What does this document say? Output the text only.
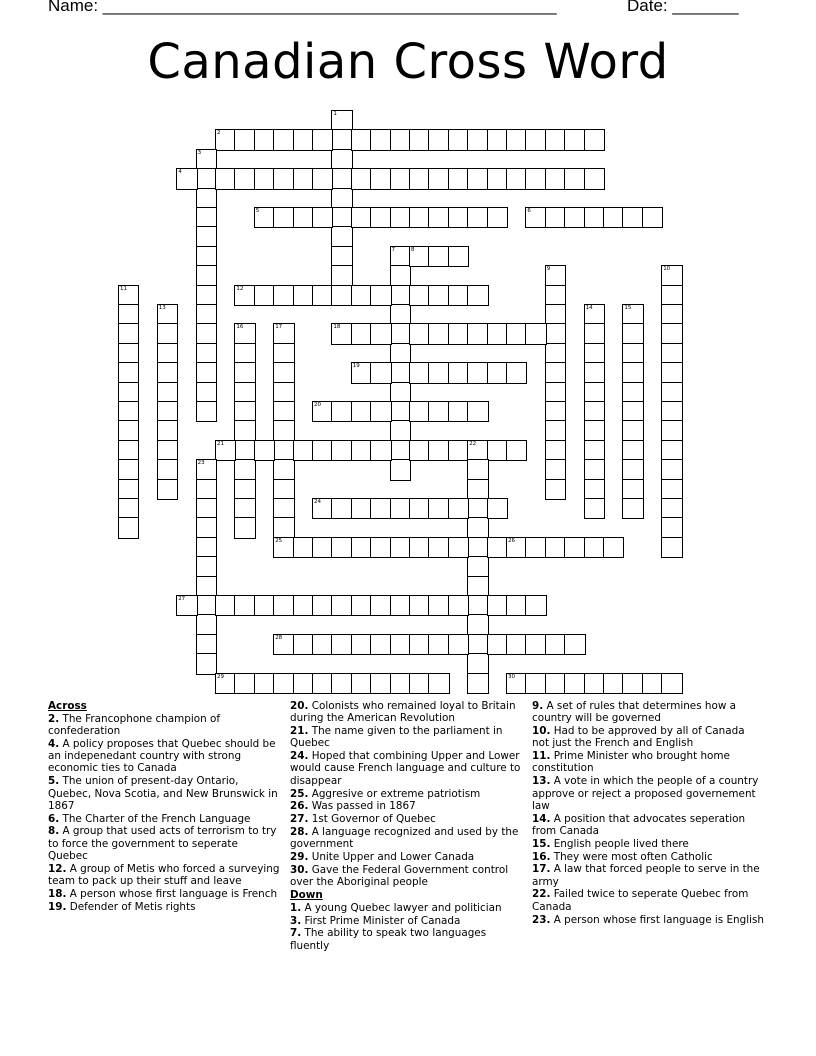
Name: ________________________________________________	Date: _______
Canadian Cross Word
1
2
3
4
5	6
7	8
9	10
11	12
13	14	15
16	17	18
19
20
21	22
23
24
25	26
27
28
29	30

Across

2. The Francophone champion of confederation

4. A policy proposes that Quebec should be an indepenedant country with strong economic ties to Canada

5. The union of present-day Ontario, Quebec, Nova Scotia, and New Brunswick in 1867

6. The Charter of the French Language

8. A group that used acts of terrorism to try to force the government to seperate Quebec

12. A group of Metis who forced a surveying team to pack up their stuff and leave

18. A person whose first language is French

19. Defender of Metis rights

20. Colonists who remained loyal to Britain during the American Revolution

21. The name given to the parliament in Quebec

24. Hoped that combining Upper and Lower would cause French language and culture to disappear

25. Aggresive or extreme patriotism

26. Was passed in 1867

27. 1st Governor of Quebec

28. A language recognized and used by the government

29. Unite Upper and Lower Canada

30. Gave the Federal Government control over the Aboriginal people

Down

1. A young Quebec lawyer and politician

3. First Prime Minister of Canada

7. The ability to speak two languages fluently

9. A set of rules that determines how a country will be governed

10. Had to be approved by all of Canada not just the French and English

11. Prime Minister who brought home constitution

13. A vote in which the people of a country approve or reject a proposed governement law

14. A position that advocates seperation from Canada

15. English people lived there

16. They were most often Catholic

17. A law that forced people to serve in the army

22. Failed twice to seperate Quebec from Canada

23. A person whose first language is English
